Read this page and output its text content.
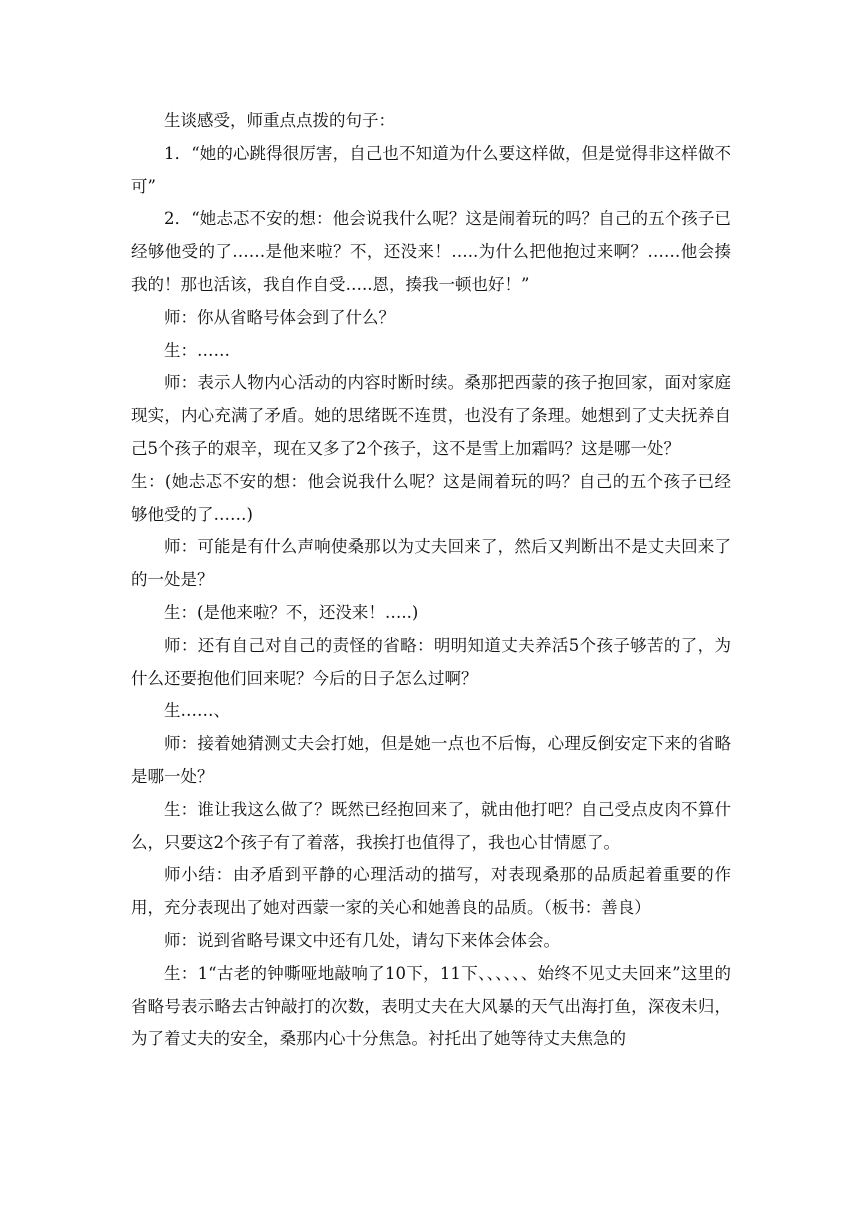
生谈感受，师重点点拨的句子：

1．“她的心跳得很厉害，自己也不知道为什么要这样做，但是觉得非这样做不可”

2．“她忐忑不安的想：他会说我什么呢？这是闹着玩的吗？自己的五个孩子已经够他受的了……是他来啦？不，还没来！…..为什么把他抱过来啊？……他会揍我的！那也活该，我自作自受…..恩，揍我一顿也好！”

师：你从省略号体会到了什么？

生：……

师：表示人物内心活动的内容时断时续。桑那把西蒙的孩子抱回家，面对家庭现实，内心充满了矛盾。她的思绪既不连贯，也没有了条理。她想到了丈夫抚养自己5个孩子的艰辛，现在又多了2个孩子，这不是雪上加霜吗？这是哪一处？

生：(她忐忑不安的想：他会说我什么呢？这是闹着玩的吗？自己的五个孩子已经够他受的了……)

师：可能是有什么声响使桑那以为丈夫回来了，然后又判断出不是丈夫回来了的一处是？

生：(是他来啦？不，还没来！…..)

师：还有自己对自己的责怪的省略：明明知道丈夫养活5个孩子够苦的了，为什么还要抱他们回来呢？今后的日子怎么过啊？

生……、

师：接着她猜测丈夫会打她，但是她一点也不后悔，心理反倒安定下来的省略是哪一处？

生：谁让我这么做了？既然已经抱回来了，就由他打吧？自己受点皮肉不算什么，只要这2个孩子有了着落，我挨打也值得了，我也心甘情愿了。

师小结：由矛盾到平静的心理活动的描写，对表现桑那的品质起着重要的作用，充分表现出了她对西蒙一家的关心和她善良的品质。（板书：善良）

师：说到省略号课文中还有几处，请勾下来体会体会。

生：1“古老的钟嘶哑地敲响了10下，11下、、、、、、始终不见丈夫回来”这里的省略号表示略去古钟敲打的次数，表明丈夫在大风暴的天气出海打鱼，深夜未归，为了着丈夫的安全，桑那内心十分焦急。衬托出了她等待丈夫焦急的
